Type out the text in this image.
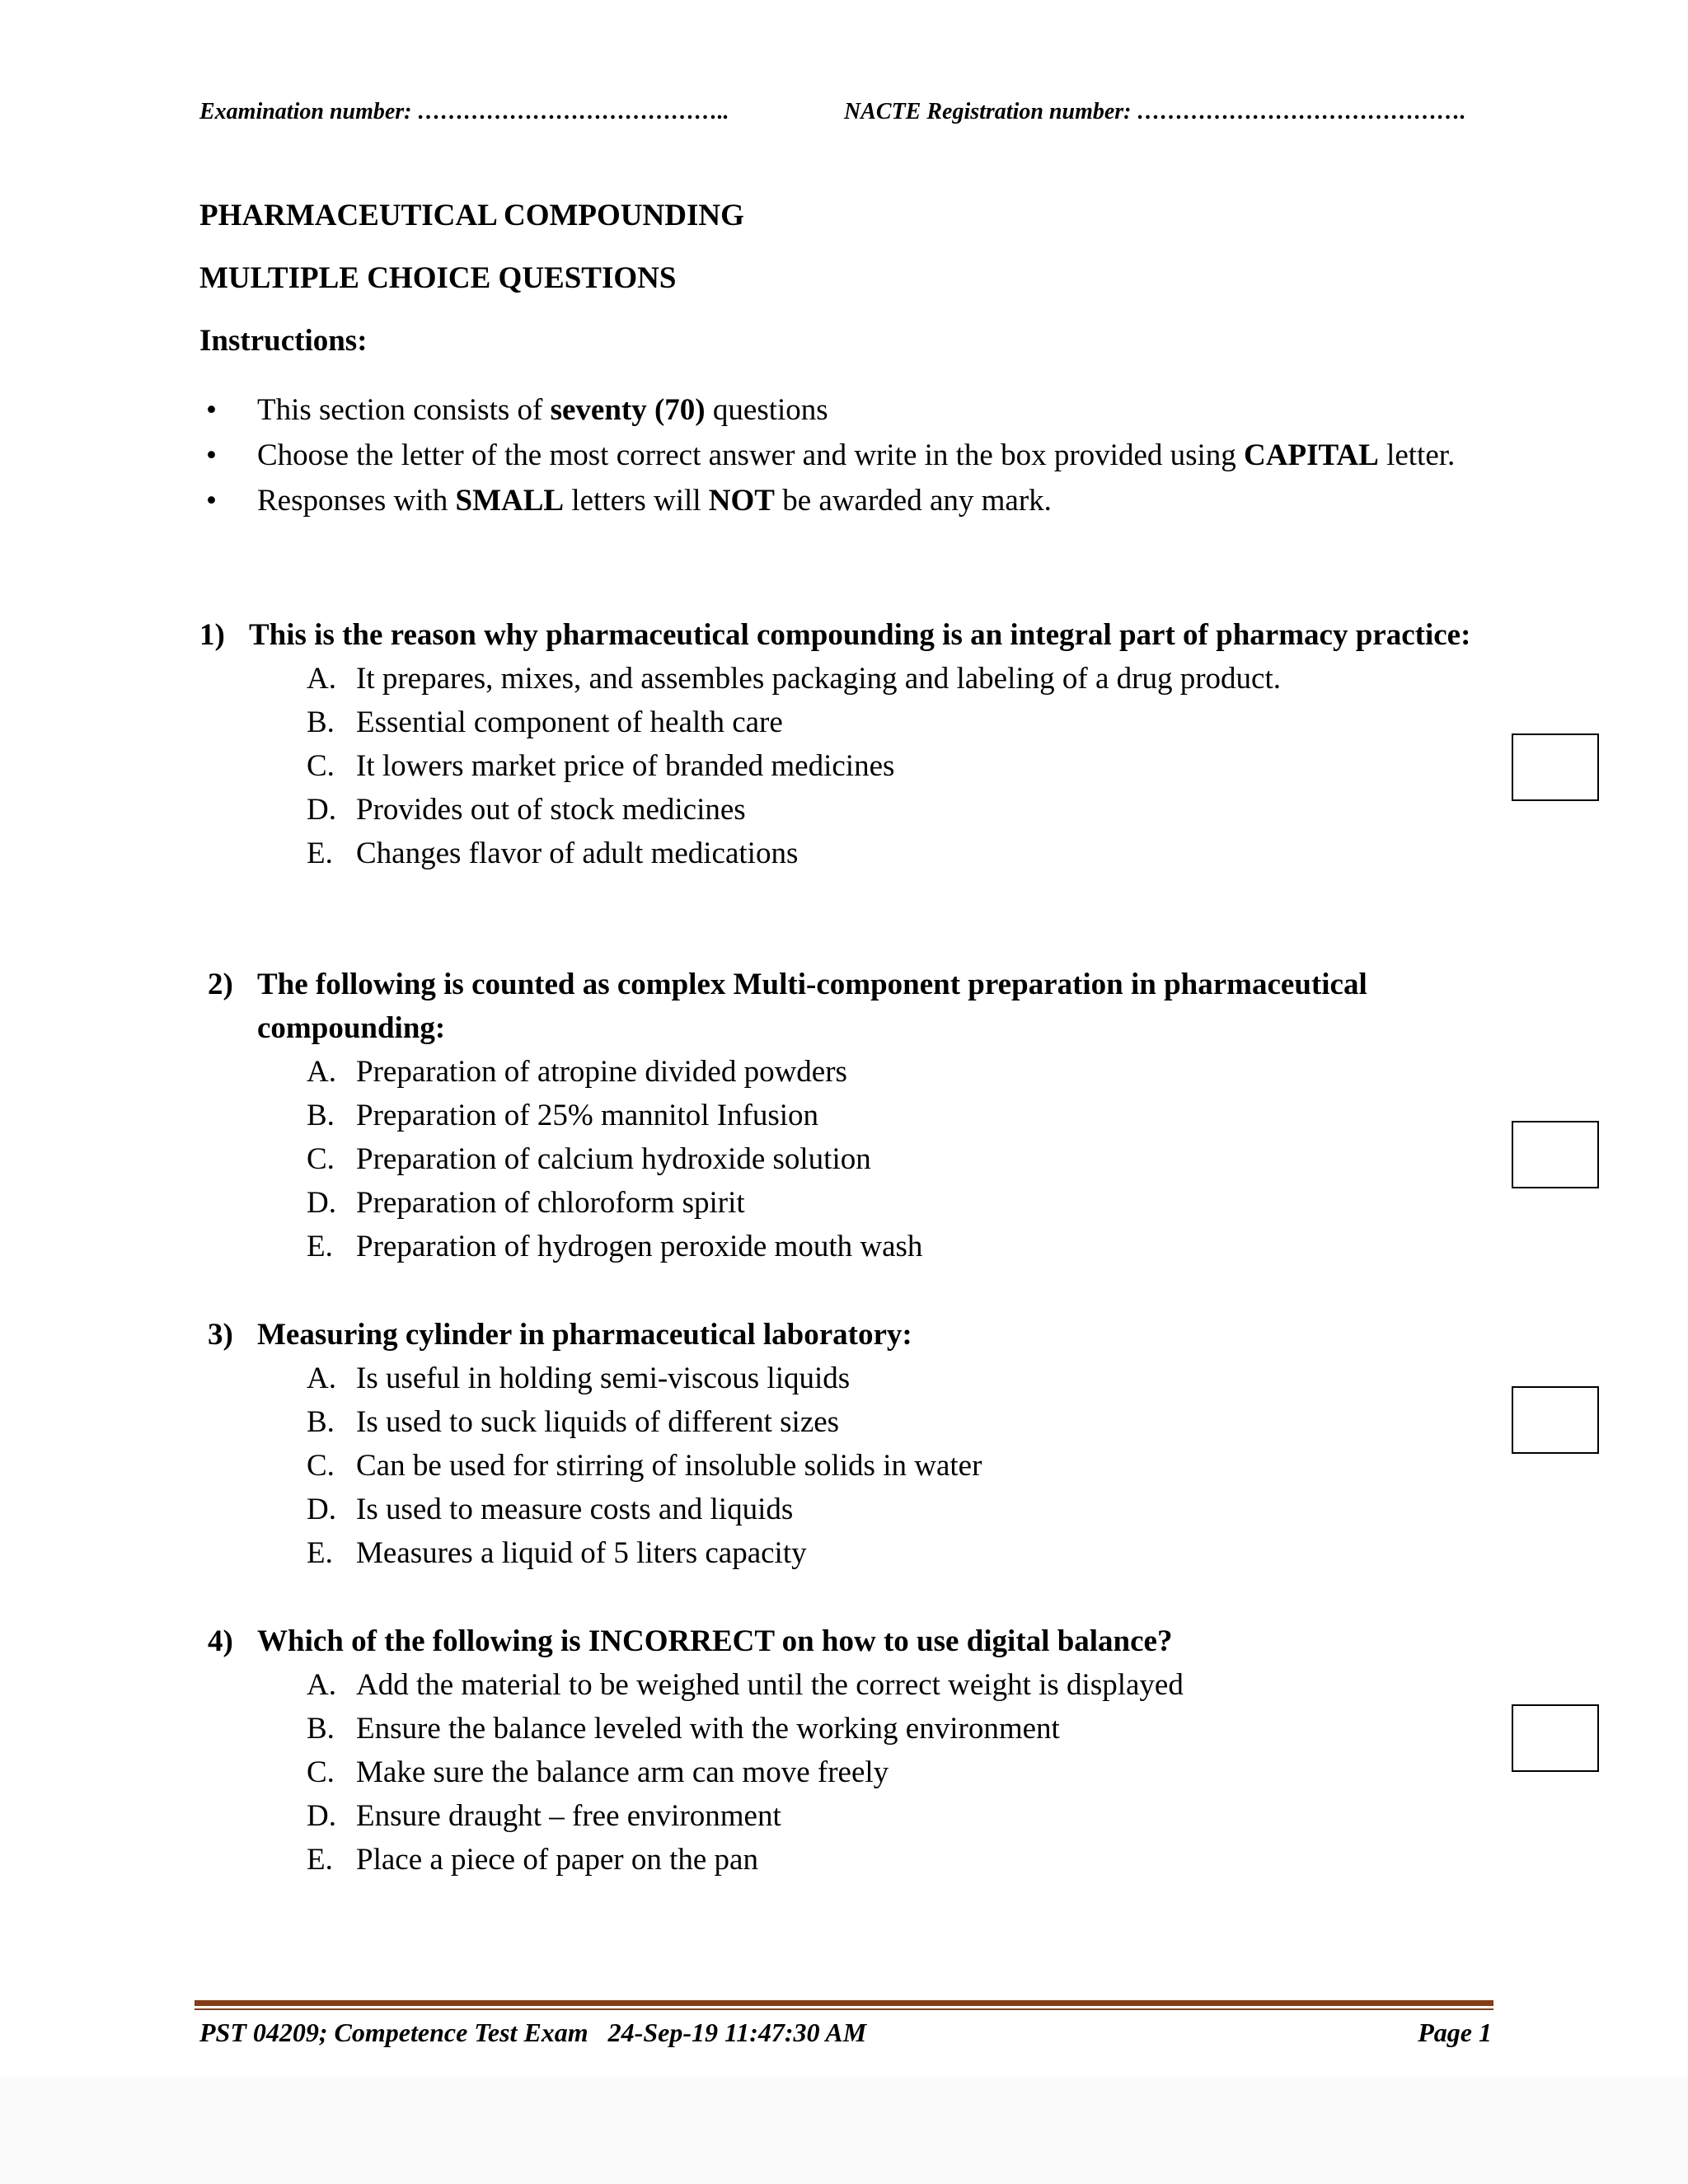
Examination number: …………………………………..	NACTE Registration number: …………………………………….
PHARMACEUTICAL COMPOUNDING
MULTIPLE CHOICE QUESTIONS
Instructions:
• This section consists of seventy (70) questions
• Choose the letter of the most correct answer and write in the box provided using CAPITAL letter.
• Responses with SMALL letters will NOT be awarded any mark.
1) This is the reason why pharmaceutical compounding is an integral part of pharmacy practice:
A. It prepares, mixes, and assembles packaging and labeling of a drug product.
B. Essential component of health care
C. It lowers market price of branded medicines
D. Provides out of stock medicines
E. Changes flavor of adult medications
2) The following is counted as complex Multi-component preparation in pharmaceutical compounding:
A. Preparation of atropine divided powders
B. Preparation of 25% mannitol Infusion
C. Preparation of calcium hydroxide solution
D. Preparation of chloroform spirit
E. Preparation of hydrogen peroxide mouth wash
3) Measuring cylinder in pharmaceutical laboratory:
A. Is useful in holding semi-viscous liquids
B. Is used to suck liquids of different sizes
C. Can be used for stirring of insoluble solids in water
D. Is used to measure costs and liquids
E. Measures a liquid of 5 liters capacity
4) Which of the following is INCORRECT on how to use digital balance?
A. Add the material to be weighed until the correct weight is displayed
B. Ensure the balance leveled with the working environment
C. Make sure the balance arm can move freely
D. Ensure draught – free environment
E. Place a piece of paper on the pan
PST 04209; Competence Test Exam   24-Sep-19 11:47:30 AM	Page 1
